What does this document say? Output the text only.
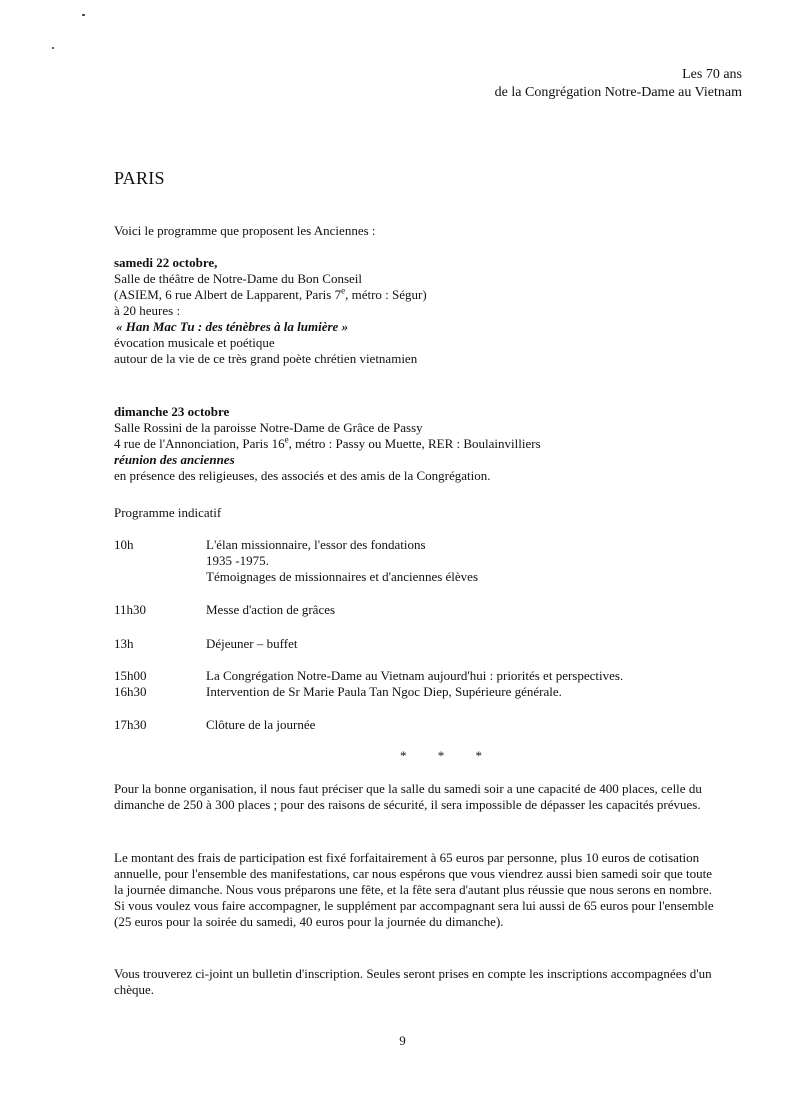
Les 70 ans
de la Congrégation Notre-Dame au Vietnam
PARIS
Voici le programme que proposent les Anciennes :
samedi 22 octobre,
Salle de théâtre de Notre-Dame du Bon Conseil
(ASIEM, 6 rue Albert de Lapparent, Paris 7e, métro : Ségur)
à 20 heures :
« Han Mac Tu : des ténèbres à la lumière »
évocation musicale et poétique
autour de la vie de ce très grand poète chrétien vietnamien
dimanche 23 octobre
Salle Rossini de la paroisse Notre-Dame de Grâce de Passy
4 rue de l'Annonciation, Paris 16e, métro : Passy ou Muette, RER : Boulainvilliers
réunion des anciennes
en présence des religieuses, des associés et des amis de la Congrégation.
Programme indicatif
10h	L'élan missionnaire, l'essor des fondations
1935 -1975.
Témoignages de missionnaires et d'anciennes élèves
11h30	Messe d'action de grâces
13h	Déjeuner – buffet
15h00	La Congrégation Notre-Dame au Vietnam aujourd'hui : priorités et perspectives.
16h30	Intervention de Sr Marie Paula Tan Ngoc Diep, Supérieure générale.
17h30	Clôture de la journée
* * *
Pour la bonne organisation, il nous faut préciser que la salle du samedi soir a une capacité de 400 places, celle du dimanche de 250 à 300 places ; pour des raisons de sécurité, il sera impossible de dépasser les capacités prévues.
Le montant des frais de participation est fixé forfaitairement à 65 euros par personne, plus 10 euros de cotisation annuelle, pour l'ensemble des manifestations, car nous espérons que vous viendrez aussi bien samedi soir que toute la journée dimanche. Nous vous préparons une fête, et la fête sera d'autant plus réussie que nous serons en nombre. Si vous voulez vous faire accompagner, le supplément par accompagnant sera lui aussi de 65 euros pour l'ensemble (25 euros pour la soirée du samedi, 40 euros pour la journée du dimanche).
Vous trouverez ci-joint un bulletin d'inscription. Seules seront prises en compte les inscriptions accompagnées d'un chèque.
9
